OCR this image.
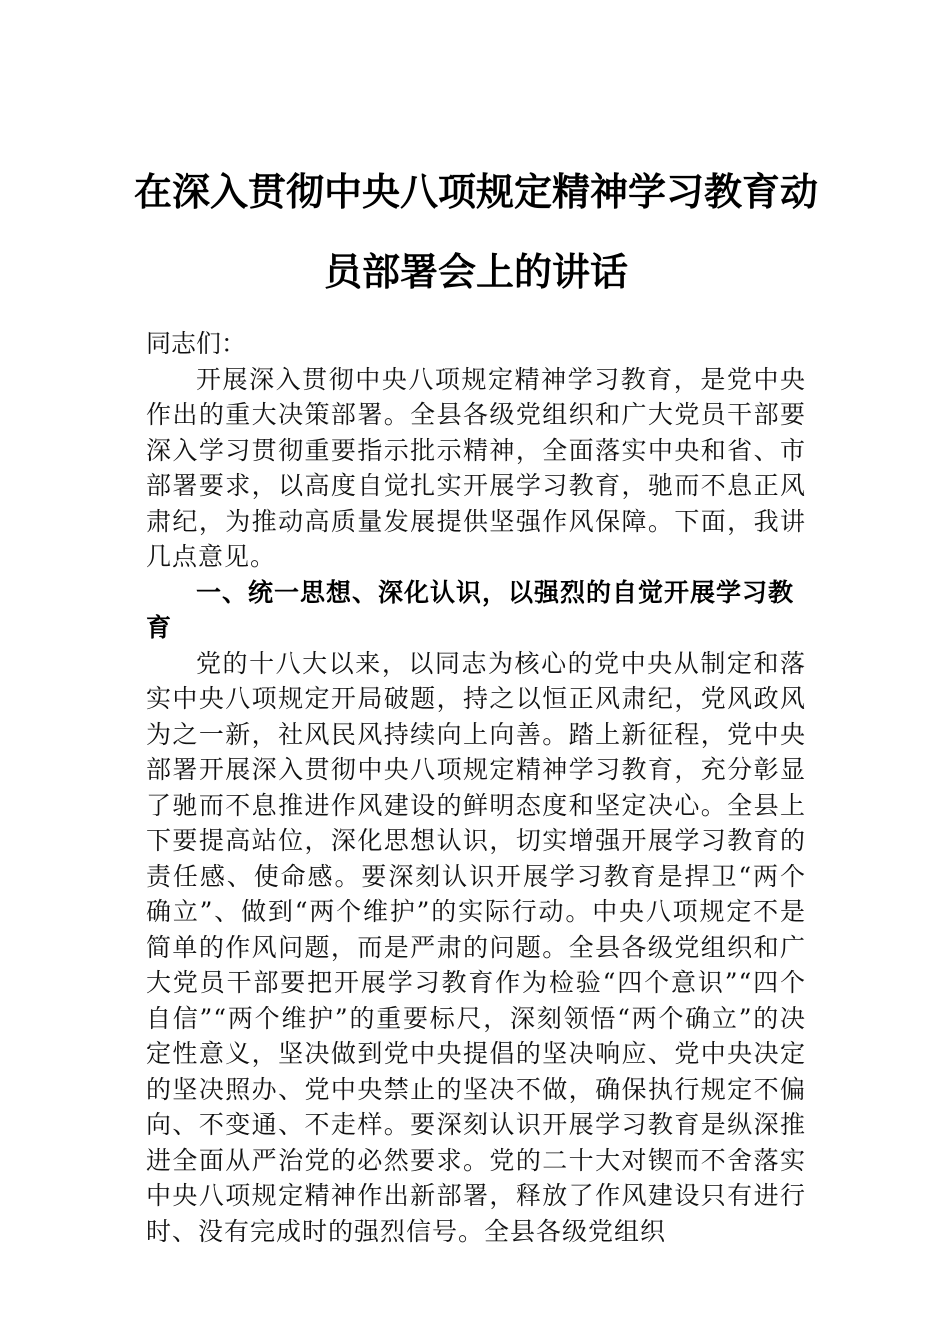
在深入贯彻中央八项规定精神学习教育动
员部署会上的讲话

同志们：

开展深入贯彻中央八项规定精神学习教育，是党中央作出的重大决策部署。全县各级党组织和广大党员干部要深入学习贯彻重要指示批示精神，全面落实中央和省、市部署要求，以高度自觉扎实开展学习教育，驰而不息正风肃纪，为推动高质量发展提供坚强作风保障。下面，我讲几点意见。

一、统一思想、深化认识，以强烈的自觉开展学习教育

党的十八大以来，以同志为核心的党中央从制定和落实中央八项规定开局破题，持之以恒正风肃纪，党风政风为之一新，社风民风持续向上向善。踏上新征程，党中央部署开展深入贯彻中央八项规定精神学习教育，充分彰显了驰而不息推进作风建设的鲜明态度和坚定决心。全县上下要提高站位，深化思想认识，切实增强开展学习教育的责任感、使命感。要深刻认识开展学习教育是捍卫“两个确立”、做到“两个维护”的实际行动。中央八项规定不是简单的作风问题，而是严肃的问题。全县各级党组织和广大党员干部要把开展学习教育作为检验“四个意识”“四个自信”“两个维护”的重要标尺，深刻领悟“两个确立”的决定性意义，坚决做到党中央提倡的坚决响应、党中央决定的坚决照办、党中央禁止的坚决不做，确保执行规定不偏向、不变通、不走样。要深刻认识开展学习教育是纵深推进全面从严治党的必然要求。党的二十大对锲而不舍落实中央八项规定精神作出新部署，释放了作风建设只有进行时、没有完成时的强烈信号。全县各级党组织
